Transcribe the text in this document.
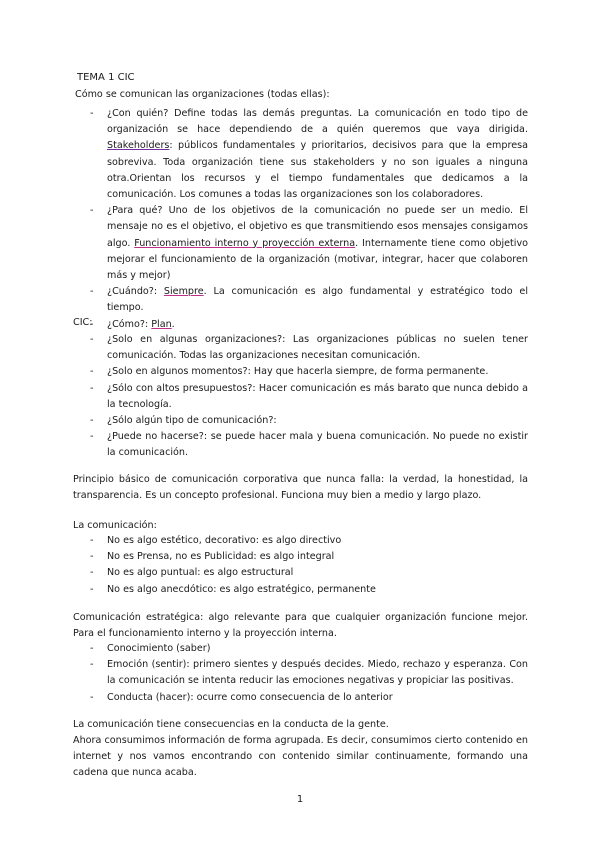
TEMA 1 CIC
Cómo se comunican las organizaciones (todas ellas):
- ¿Con quién? Define todas las demás preguntas. La comunicación en todo tipo de organización se hace dependiendo de a quién queremos que vaya dirigida. Stakeholders: públicos fundamentales y prioritarios, decisivos para que la empresa sobreviva. Toda organización tiene sus stakeholders y no son iguales a ninguna otra.Orientan los recursos y el tiempo fundamentales que dedicamos a la comunicación. Los comunes a todas las organizaciones son los colaboradores.
- ¿Para qué? Uno de los objetivos de la comunicación no puede ser un medio. El mensaje no es el objetivo, el objetivo es que transmitiendo esos mensajes consigamos algo. Funcionamiento interno y proyección externa. Internamente tiene como objetivo mejorar el funcionamiento de la organización (motivar, integrar, hacer que colaboren más y mejor)
- ¿Cuándo?: Siempre. La comunicación es algo fundamental y estratégico todo el tiempo.
- ¿Cómo?: Plan.
CIC:
- ¿Solo en algunas organizaciones?: Las organizaciones públicas no suelen tener comunicación. Todas las organizaciones necesitan comunicación.
- ¿Solo en algunos momentos?: Hay que hacerla siempre, de forma permanente.
- ¿Sólo con altos presupuestos?: Hacer comunicación es más barato que nunca debido a la tecnología.
- ¿Sólo algún tipo de comunicación?:
- ¿Puede no hacerse?: se puede hacer mala y buena comunicación. No puede no existir la comunicación.
Principio básico de comunicación corporativa que nunca falla: la verdad, la honestidad, la transparencia. Es un concepto profesional. Funciona muy bien a medio y largo plazo.
La comunicación:
- No es algo estético, decorativo: es algo directivo
- No es Prensa, no es Publicidad: es algo integral
- No es algo puntual: es algo estructural
- No es algo anecdótico: es algo estratégico, permanente
Comunicación estratégica: algo relevante para que cualquier organización funcione mejor. Para el funcionamiento interno y la proyección interna.
- Conocimiento (saber)
- Emoción (sentir): primero sientes y después decides. Miedo, rechazo y esperanza. Con la comunicación se intenta reducir las emociones negativas y propiciar las positivas.
- Conducta (hacer): ocurre como consecuencia de lo anterior
La comunicación tiene consecuencias en la conducta de la gente.
Ahora consumimos información de forma agrupada. Es decir, consumimos cierto contenido en internet y nos vamos encontrando con contenido similar continuamente, formando una cadena que nunca acaba.
1
